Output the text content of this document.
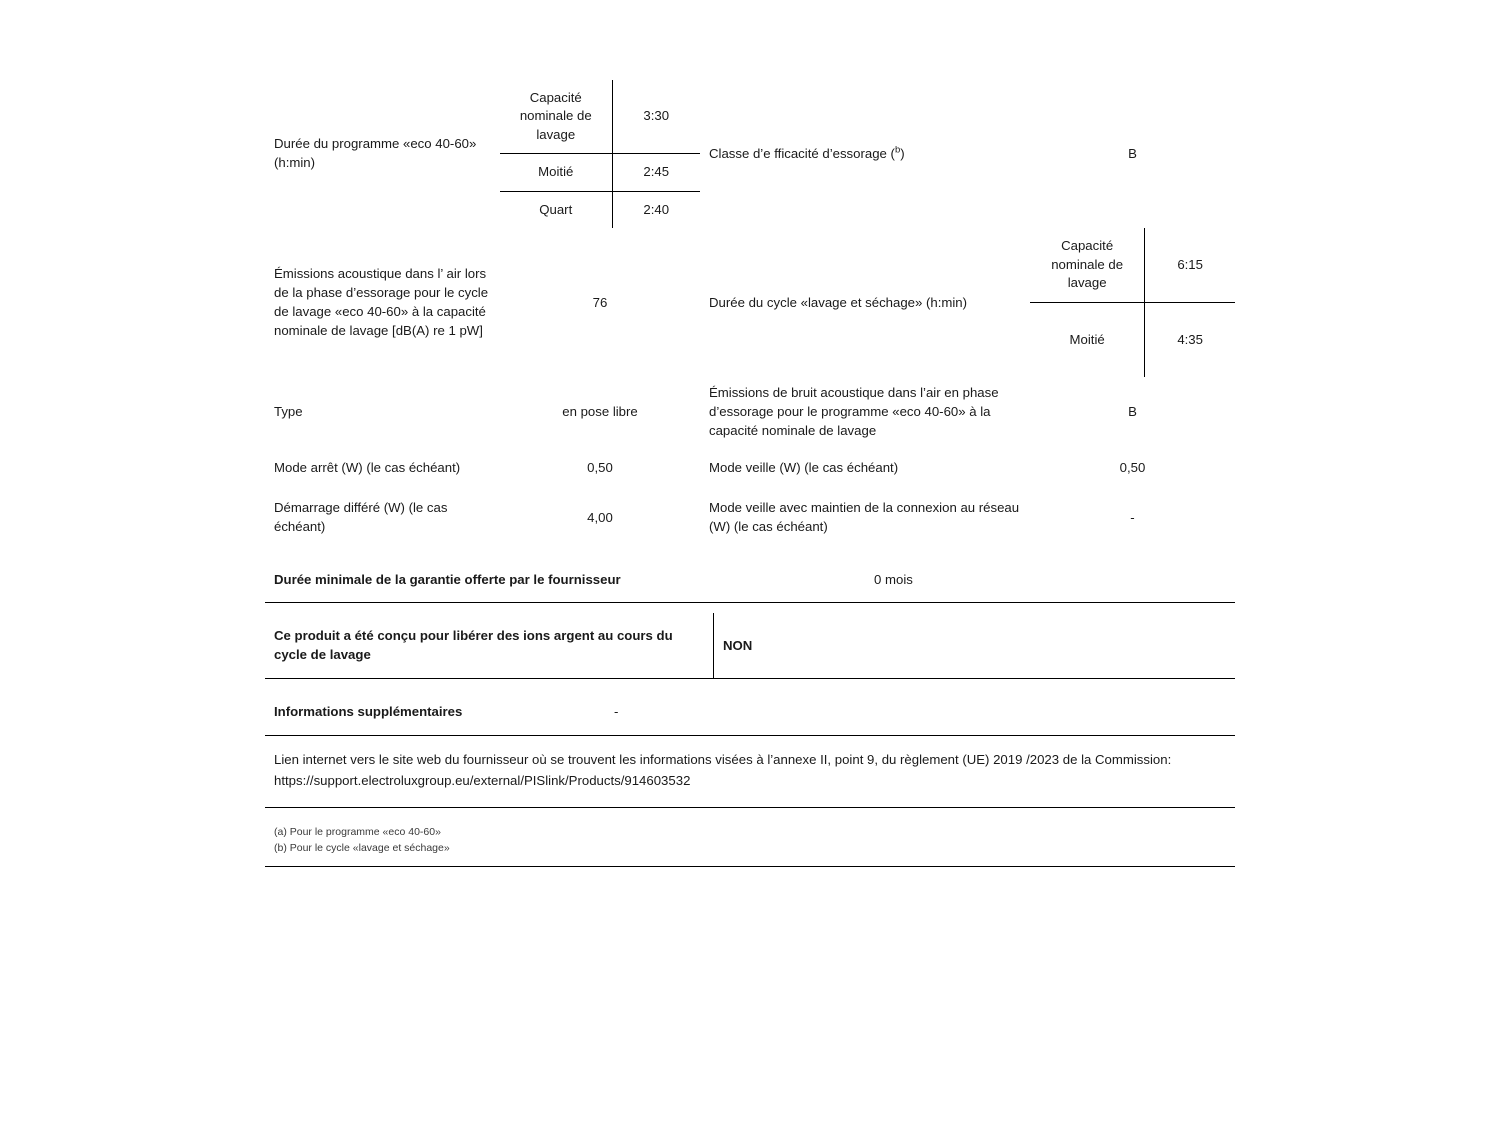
Durée du programme «eco 40-60» (h:min)	
Capacité nominale de lavage	3:30
Moitié	2:45
Quart	2:40
	Classe d’e fficacité d’essorage ($^b$)	B
Émissions acoustique dans l’ air lors de la phase d’essorage pour le cycle de lavage «eco 40-60» à la capacité nominale de lavage [dB(A) re 1 pW]	76	Durée du cycle «lavage et séchage» (h:min)	
Capacité nominale de lavage	6:15
Moitié	4:35

Type	en pose libre	Émissions de bruit acoustique dans l’air en phase d’essorage pour le programme «eco 40-60» à la capacité nominale de lavage	B
Mode arrêt (W) (le cas échéant)	0,50	Mode veille (W) (le cas échéant)	0,50
Démarrage différé (W) (le cas échéant)	4,00	Mode veille avec maintien de la connexion au réseau (W) (le cas échéant)	-
Durée minimale de la garantie offerte par le fournisseur	0 mois
Ce produit a été conçu pour libérer des ions argent au cours du cycle de lavage
NON
Informations supplémentaires	-
Lien internet vers le site web du fournisseur où se trouvent les informations visées à l’annexe II, point 9, du règlement (UE) 2019 /2023 de la Commission: https://support.electroluxgroup.eu/external/PISlink/Products/914603532
(a) Pour le programme «eco 40-60»
(b) Pour le cycle «lavage et séchage»
